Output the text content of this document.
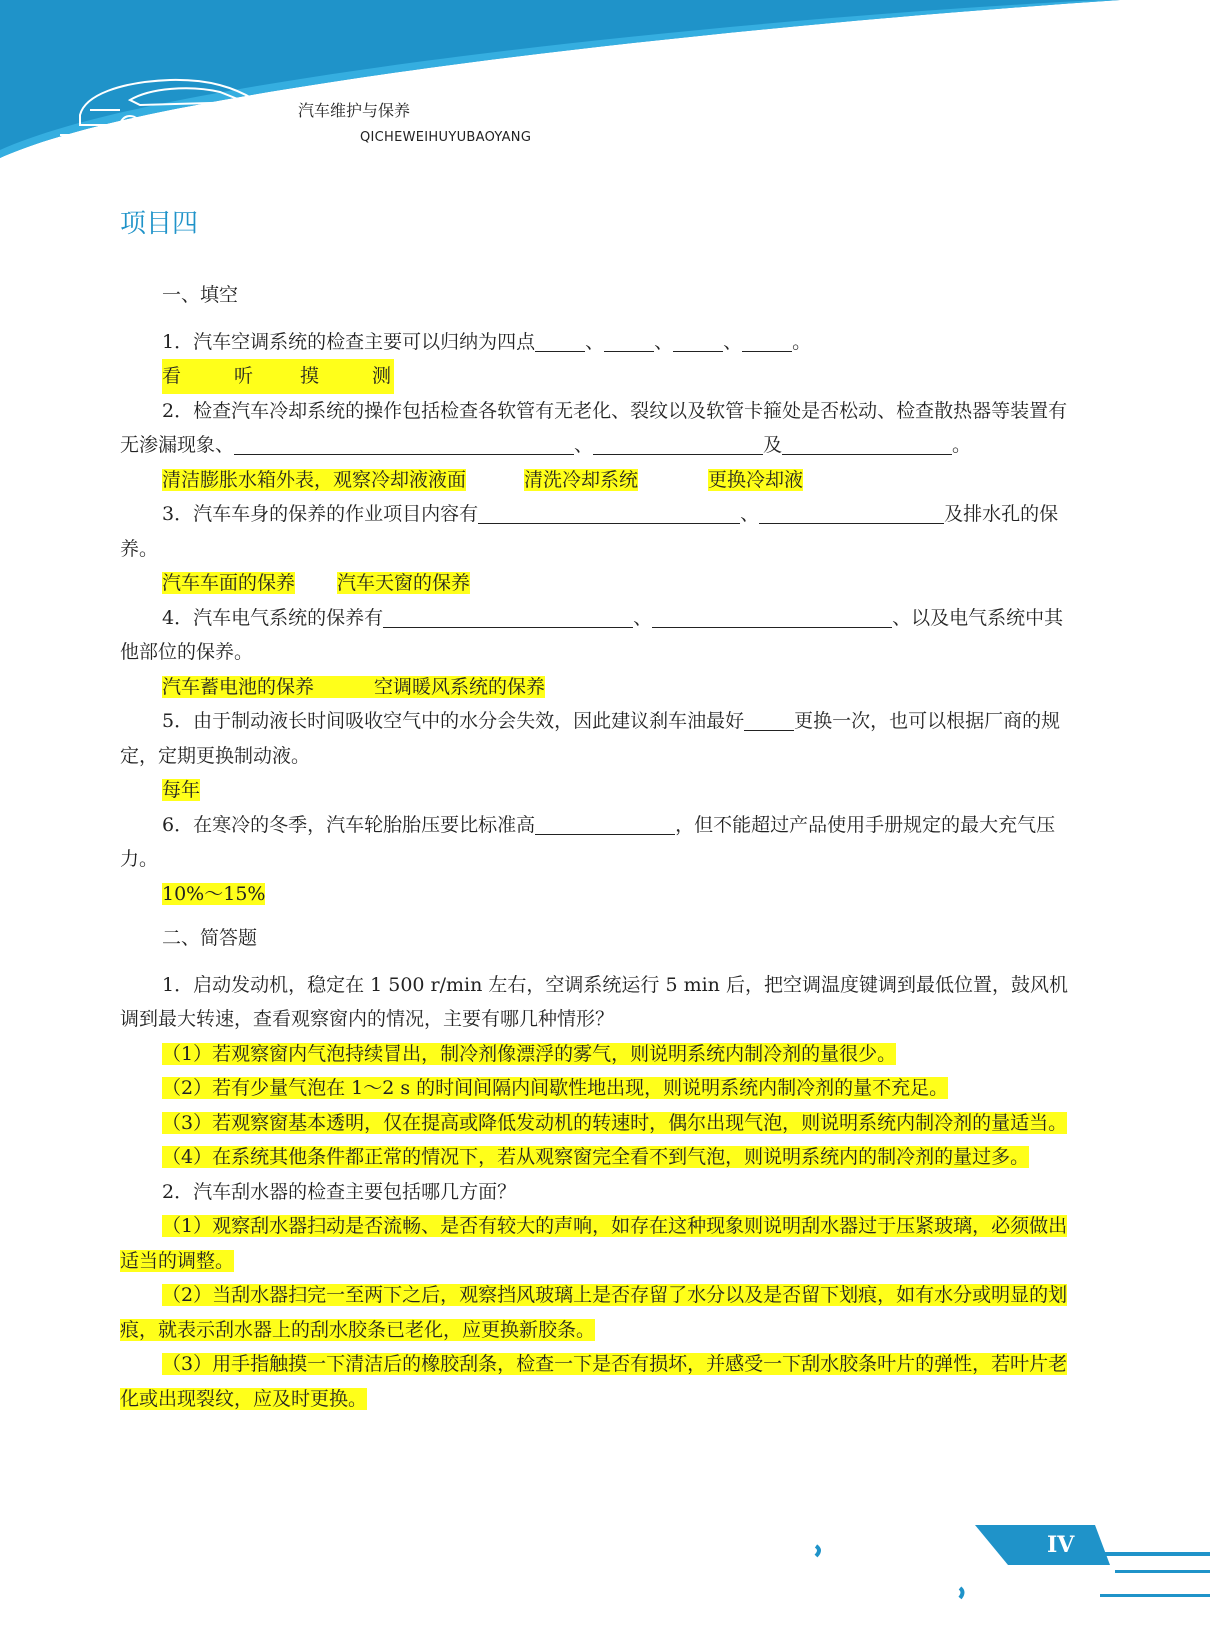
汽车维护与保养
QICHEWEIHUYUBAOYANG
项目四

一、填空

1．汽车空调系统的检查主要可以归纳为四点	、	、	、	。

看	听 摸	测

2．检查汽车冷却系统的操作包括检查各软管有无老化、裂纹以及软管卡箍处是否松动、检查散热器等装置有无渗漏现象、	、	及	。

清洁膨胀水箱外表，观察冷却液液面	清洗冷却系统	更换冷却液

3．汽车车身的保养的作业项目内容有	、	及排水孔的保养。

汽车车面的保养 汽车天窗的保养

4．汽车电气系统的保养有	、	、以及电气系统中其他部位的保养。

汽车蓄电池的保养	空调暖风系统的保养

5．由于制动液长时间吸收空气中的水分会失效，因此建议刹车油最好	更换一次，也可以根据厂商的规定，定期更换制动液。

每年

6．在寒冷的冬季，汽车轮胎胎压要比标准高	，但不能超过产品使用手册规定的最大充气压力。

10%～15%

二、简答题

1．启动发动机，稳定在 1 500 r/min 左右，空调系统运行 5 min 后，把空调温度键调到最低位置，鼓风机调到最大转速，查看观察窗内的情况，主要有哪几种情形？

（1）若观察窗内气泡持续冒出，制冷剂像漂浮的雾气，则说明系统内制冷剂的量很少。

（2）若有少量气泡在 1～2 s 的时间间隔内间歇性地出现，则说明系统内制冷剂的量不充足。

（3）若观察窗基本透明，仅在提高或降低发动机的转速时，偶尔出现气泡，则说明系统内制冷剂的量适当。

（4）在系统其他条件都正常的情况下，若从观察窗完全看不到气泡，则说明系统内的制冷剂的量过多。

2．汽车刮水器的检查主要包括哪几方面？

（1）观察刮水器扫动是否流畅、是否有较大的声响，如存在这种现象则说明刮水器过于压紧玻璃，必须做出适当的调整。

（2）当刮水器扫完一至两下之后，观察挡风玻璃上是否存留了水分以及是否留下划痕，如有水分或明显的划痕，就表示刮水器上的刮水胶条已老化，应更换新胶条。

（3）用手指触摸一下清洁后的橡胶刮条，检查一下是否有损坏，并感受一下刮水胶条叶片的弹性，若叶片老化或出现裂纹，应及时更换。

IV
